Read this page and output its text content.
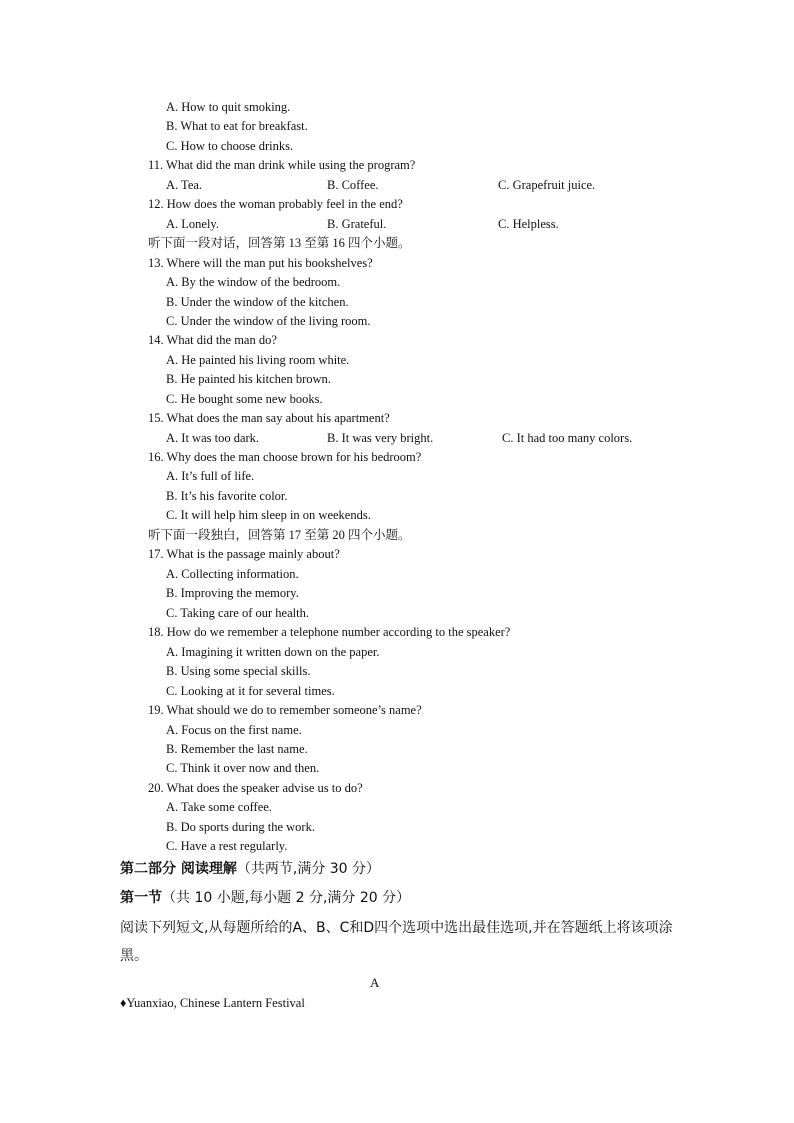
A. How to quit smoking.
B. What to eat for breakfast.
C. How to choose drinks.
11. What did the man drink while using the program?
A. Tea.	B. Coffee.	C. Grapefruit juice.
12. How does the woman probably feel in the end?
A. Lonely.	B. Grateful.	C. Helpless.
听下面一段对话，回答第 13 至第 16 四个小题。
13. Where will the man put his bookshelves?
A. By the window of the bedroom.
B. Under the window of the kitchen.
C. Under the window of the living room.
14. What did the man do?
A. He painted his living room white.
B. He painted his kitchen brown.
C. He bought some new books.
15. What does the man say about his apartment?
A. It was too dark.	B. It was very bright.	C. It had too many colors.
16. Why does the man choose brown for his bedroom?
A. It’s full of life.
B. It’s his favorite color.
C. It will help him sleep in on weekends.
听下面一段独白，回答第 17 至第 20 四个小题。
17. What is the passage mainly about?
A. Collecting information.
B. Improving the memory.
C. Taking care of our health.
18. How do we remember a telephone number according to the speaker?
A. Imagining it written down on the paper.
B. Using some special skills.
C. Looking at it for several times.
19. What should we do to remember someone’s name?
A. Focus on the first name.
B. Remember the last name.
C. Think it over now and then.
20. What does the speaker advise us to do?
A. Take some coffee.
B. Do sports during the work.
C. Have a rest regularly.
第二部分 阅读理解（共两节,满分 30 分）
第一节（共 10 小题,每小题 2 分,满分 20 分）
阅读下列短文,从每题所给的A、B、C和D四个选项中选出最佳选项,并在答题纸上将该项涂黑。
A
♦Yuanxiao, Chinese Lantern Festival
